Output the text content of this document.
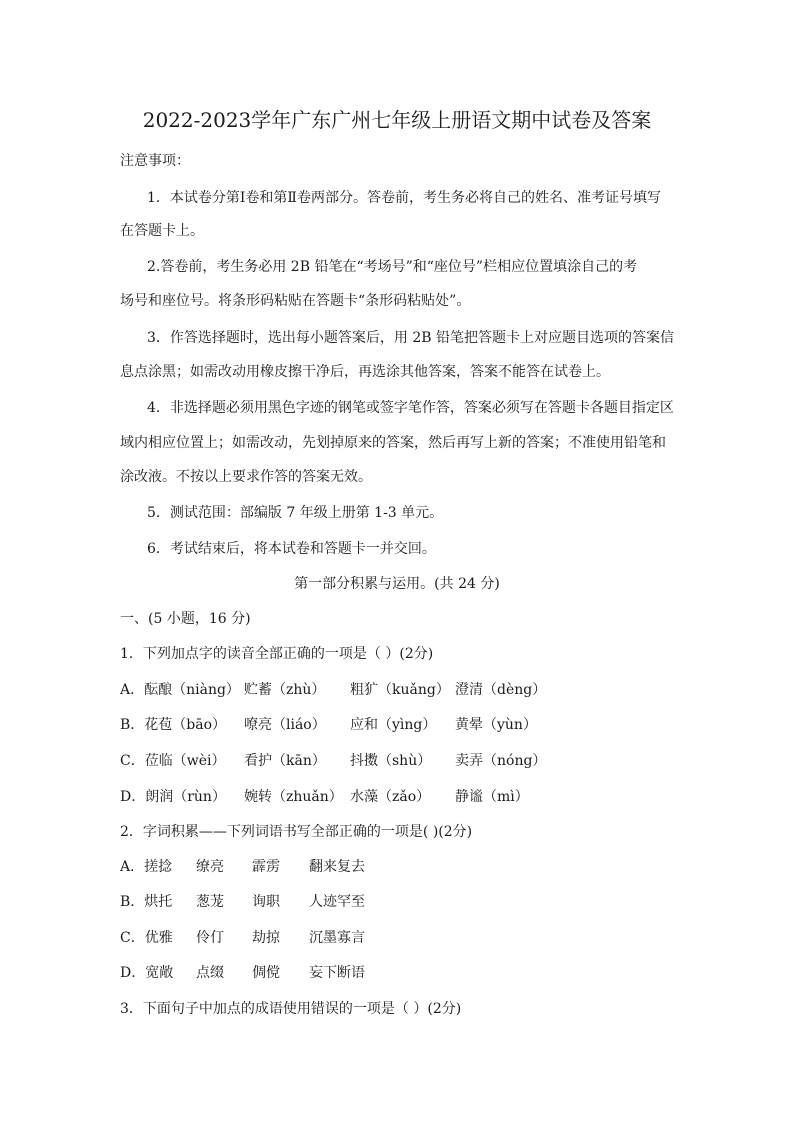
2022-2023学年广东广州七年级上册语文期中试卷及答案
注意事项：
1．本试卷分第Ⅰ卷和第Ⅱ卷两部分。答卷前，考生务必将自己的姓名、准考证号填写
在答题卡上。
2.答卷前，考生务必用 2B 铅笔在“考场号”和“座位号”栏相应位置填涂自己的考
场号和座位号。将条形码粘贴在答题卡“条形码粘贴处”。
3．作答选择题时，选出每小题答案后，用 2B 铅笔把答题卡上对应题目选项的答案信
息点涂黑；如需改动用橡皮擦干净后，再选涂其他答案，答案不能答在试卷上。
4．非选择题必须用黑色字迹的钢笔或签字笔作答，答案必须写在答题卡各题目指定区
域内相应位置上；如需改动，先划掉原来的答案，然后再写上新的答案；不准使用铅笔和
涂改液。不按以上要求作答的答案无效。
5．测试范围：部编版 7 年级上册第 1-3 单元。
6．考试结束后，将本试卷和答题卡一并交回。
第一部分积累与运用。(共 24 分)
一、(5 小题，16 分)
1．下列加点字的读音全部正确的一项是（ ）(2分)
A．酝酿（niàng） 贮蓄（zhù） 粗犷（kuǎng） 澄清（dèng）
B．花苞（bāo） 嘹亮（liáo） 应和（yìng） 黄晕（yùn）
C．莅临（wèi） 看护（kān） 抖擞（shù） 卖弄（nóng）
D．朗润（rùn） 婉转（zhuǎn） 水藻（zǎo） 静谧（mì）
2．字词积累——下列词语书写全部正确的一项是( )(2分)
A．搓捻 缭亮 霹雳 翻来复去
B．烘托 葱茏 询职 人迹罕至
C．优雅 伶仃 劫掠 沉墨寡言
D．宽敞 点缀 倜傥 妄下断语
3．下面句子中加点的成语使用错误的一项是（ ）(2分)
